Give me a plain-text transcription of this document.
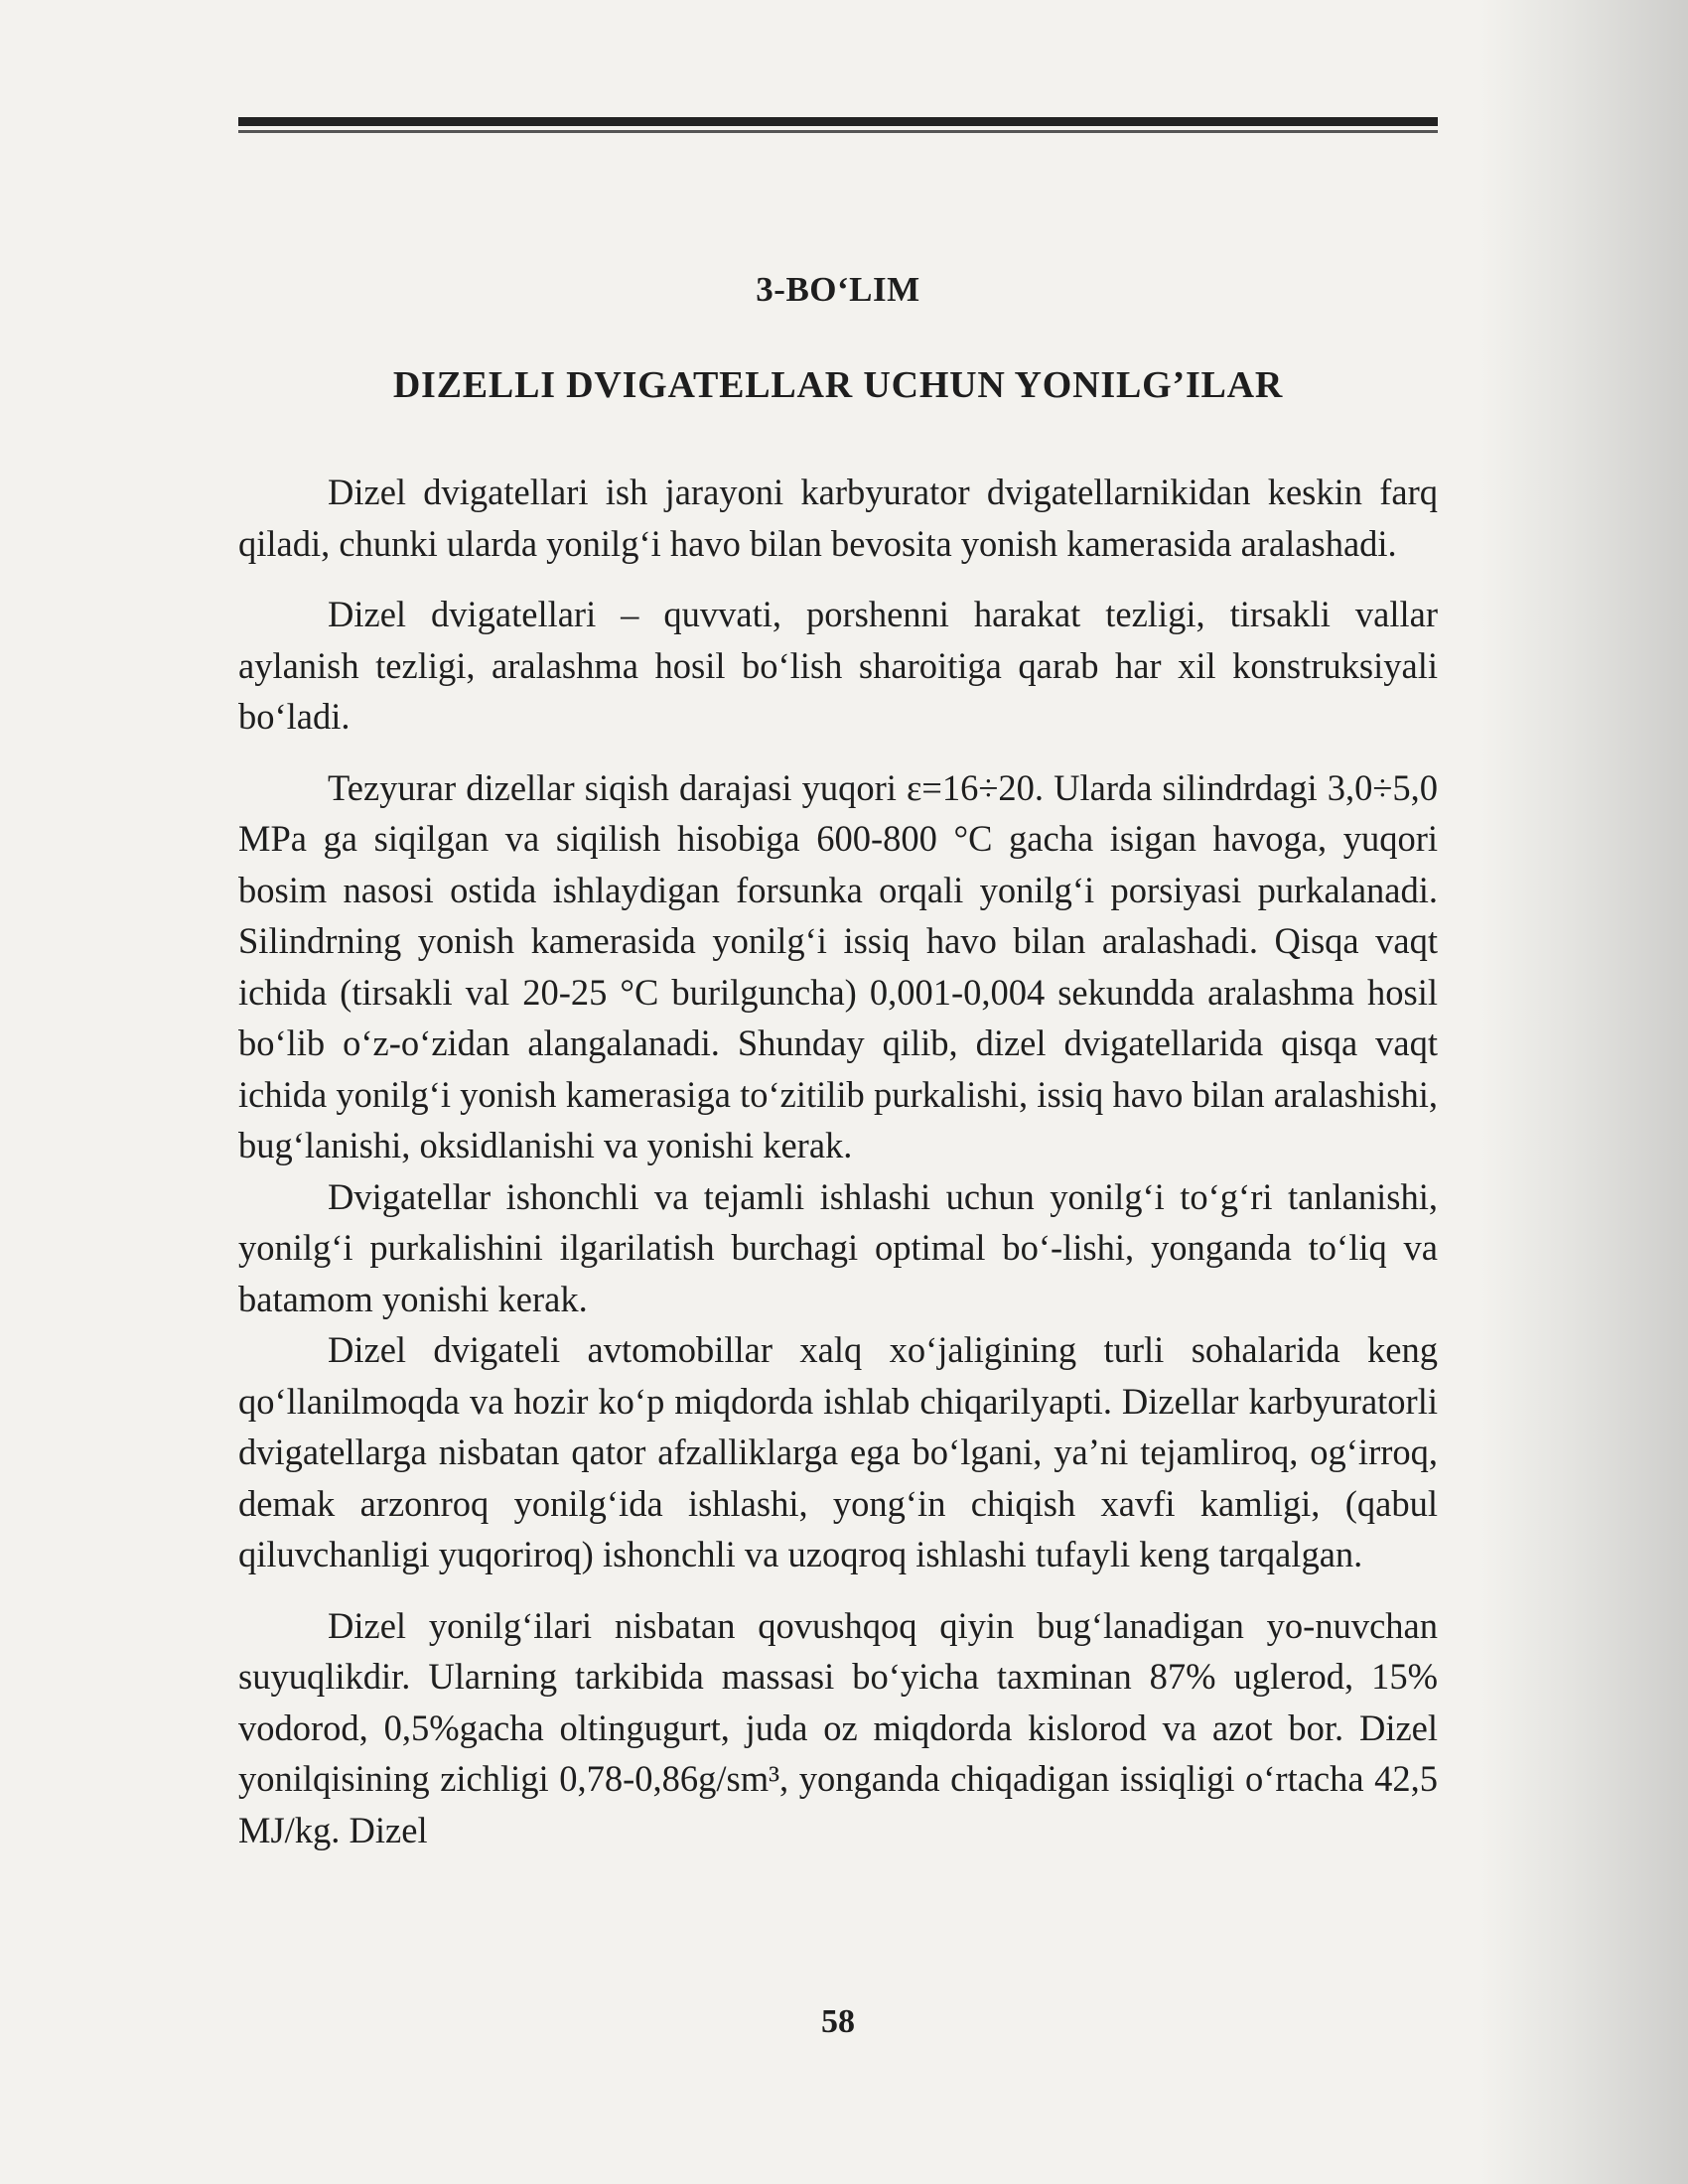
3-BO‘LIM
DIZELLI DVIGATELLAR UCHUN YONILG’ILAR

Dizel dvigatellari ish jarayoni karbyurator dvigatellarnikidan keskin farq qiladi, chunki ularda yonilg‘i havo bilan bevosita yonish kamerasida aralashadi.

Dizel dvigatellari – quvvati, porshenni harakat tezligi, tirsakli vallar aylanish tezligi, aralashma hosil bo‘lish sharoitiga qarab har xil konstruksiyali bo‘ladi.

Tezyurar dizellar siqish darajasi yuqori ε=16÷20. Ularda silindrdagi 3,0÷5,0 MPa ga siqilgan va siqilish hisobiga 600-800 °C gacha isigan havoga, yuqori bosim nasosi ostida ishlaydigan forsunka orqali yonilg‘i porsiyasi purkalanadi. Silindrning yonish kamerasida yonilg‘i issiq havo bilan aralashadi. Qisqa vaqt ichida (tirsakli val 20-25 °C burilguncha) 0,001-0,004 sekundda aralashma hosil bo‘lib o‘z-o‘zidan alangalanadi. Shunday qilib, dizel dvigatellarida qisqa vaqt ichida yonilg‘i yonish kamerasiga to‘zitilib purkalishi, issiq havo bilan aralashishi, bug‘lanishi, oksidlanishi va yonishi kerak.

Dvigatellar ishonchli va tejamli ishlashi uchun yonilg‘i to‘g‘ri tanlanishi, yonilg‘i purkalishini ilgarilatish burchagi optimal bo‘-lishi, yonganda to‘liq va batamom yonishi kerak.

Dizel dvigateli avtomobillar xalq xo‘jaligining turli sohalarida keng qo‘llanilmoqda va hozir ko‘p miqdorda ishlab chiqarilyapti. Dizellar karbyuratorli dvigatellarga nisbatan qator afzalliklarga ega bo‘lgani, ya’ni tejamliroq, og‘irroq, demak arzonroq yonilg‘ida ishlashi, yong‘in chiqish xavfi kamligi, (qabul qiluvchanligi yuqoriroq) ishonchli va uzoqroq ishlashi tufayli keng tarqalgan.

Dizel yonilg‘ilari nisbatan qovushqoq qiyin bug‘lanadigan yo-nuvchan suyuqlikdir. Ularning tarkibida massasi bo‘yicha taxminan 87% uglerod, 15% vodorod, 0,5%gacha oltingugurt, juda oz miqdorda kislorod va azot bor. Dizel yonilqisining zichligi 0,78-0,86g/sm³, yonganda chiqadigan issiqligi o‘rtacha 42,5 MJ/kg. Dizel

58
